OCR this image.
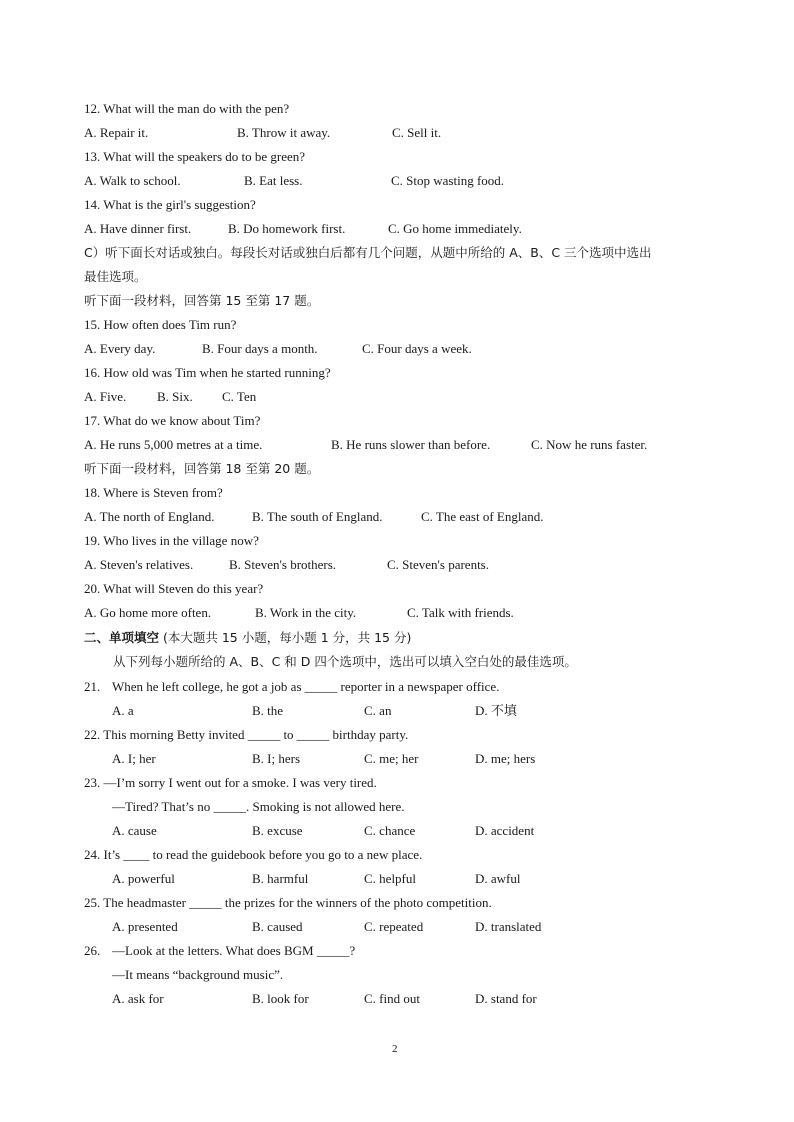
12. What will the man do with the pen?
A. Repair it.	B. Throw it away.	C. Sell it.
13. What will the speakers do to be green?
A. Walk to school.	B. Eat less.	C. Stop wasting food.
14. What is the girl's suggestion?
A. Have dinner first.	B. Do homework first.	C. Go home immediately.
C）听下面长对话或独白。每段长对话或独白后都有几个问题，从题中所给的 A、B、C 三个选项中选出
最佳选项。
听下面一段材料，回答第 15 至第 17 题。
15. How often does Tim run?
A. Every day.	B. Four days a month.	C. Four days a week.
16. How old was Tim when he started running?
A. Five. B. Six. C. Ten
17. What do we know about Tim?
A. He runs 5,000 metres at a time.	B. He runs slower than before.	C. Now he runs faster.
听下面一段材料，回答第 18 至第 20 题。
18. Where is Steven from?
A. The north of England.	B. The south of England.	C. The east of England.
19. Who lives in the village now?
A. Steven's relatives.	B. Steven's brothers.	C. Steven's parents.
20. What will Steven do this year?
A. Go home more often.	B. Work in the city.	C. Talk with friends.
二、单项填空 (本大题共 15 小题，每小题 1 分，共 15 分)
从下列每小题所给的 A、B、C 和 D 四个选项中，选出可以填入空白处的最佳选项。
21. When he left college, he got a job as _____ reporter in a newspaper office.
A. a	B. the	C. an	D. 不填
22. This morning Betty invited _____ to _____ birthday party.
A. I; her	B. I; hers	C. me; her	D. me; hers
23. —I’m sorry I went out for a smoke. I was very tired.
—Tired? That’s no _____. Smoking is not allowed here.
A. cause	B. excuse	C. chance	D. accident
24. It’s ____ to read the guidebook before you go to a new place.
A. powerful	B. harmful	C. helpful	D. awful
25. The headmaster _____ the prizes for the winners of the photo competition.
A. presented	B. caused	C. repeated	D. translated
26. —Look at the letters. What does BGM _____?
—It means “background music”.
A. ask for	B. look for	C. find out	D. stand for
2
